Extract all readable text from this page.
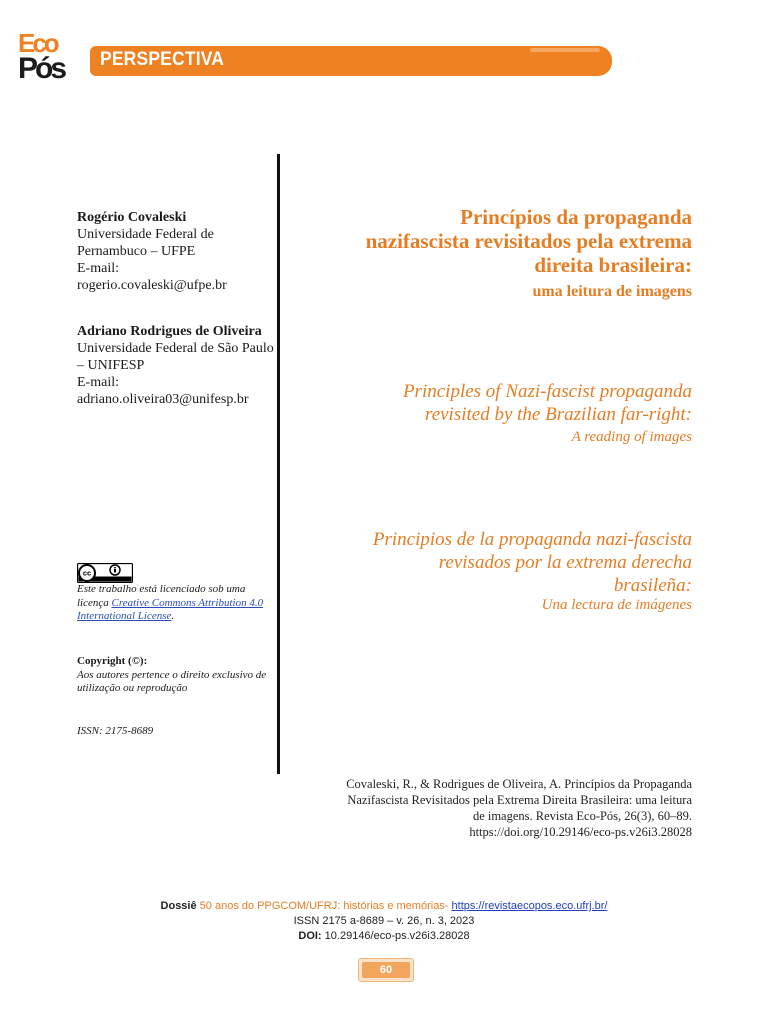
Eco
Pós PERSPECTIVA
Rogério Covaleski
Universidade Federal de Pernambuco – UFPE
E-mail:
rogerio.covaleski@ufpe.br
Adriano Rodrigues de Oliveira
Universidade Federal de São Paulo – UNIFESP
E-mail:
adriano.oliveira03@unifesp.br
cc
Este trabalho está licenciado sob uma licença Creative Commons Attribution 4.0 International License.
Copyright (©):
Aos autores pertence o direito exclusivo de utilização ou reprodução
ISSN: 2175-8689
Princípios da propaganda nazifascista revisitados pela extrema direita brasileira:
uma leitura de imagens
Principles of Nazi-fascist propaganda revisited by the Brazilian far-right:
A reading of images
Principios de la propaganda nazi-fascista revisados por la extrema derecha brasileña:
Una lectura de imágenes
Covaleski, R., & Rodrigues de Oliveira, A. Princípios da Propaganda Nazifascista Revisitados pela Extrema Direita Brasileira: uma leitura de imagens. Revista Eco-Pós, 26(3), 60–89. https://doi.org/10.29146/eco-ps.v26i3.28028
Dossiê 50 anos do PPGCOM/UFRJ: histórias e memórias- https://revistaecopos.eco.ufrj.br/
ISSN 2175 a-8689 – v. 26, n. 3, 2023
DOI: 10.29146/eco-ps.v26i3.28028
60
